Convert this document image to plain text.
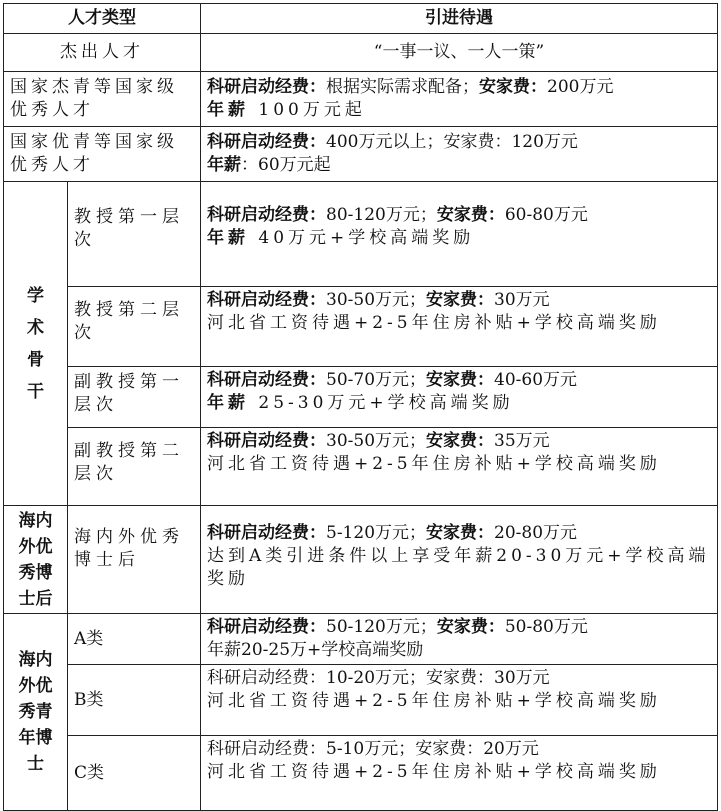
人才类型		引进待遇
杰出人才		“一事一议、一人一策”
国家杰青等国家级优秀人才		科研启动经费：根据实际需求配备；安家费：200万元
年薪 100万元起
国家优青等国家级优秀人才		科研启动经费：400万元以上；安家费：120万元
年薪：60万元起
学术骨干	教授第一层次	科研启动经费：80-120万元；安家费：60-80万元
年薪 40万元+学校高端奖励
	教授第二层次	科研启动经费：30-50万元；安家费：30万元
河北省工资待遇+2-5年住房补贴+学校高端奖励
	副教授第一层次	科研启动经费：50-70万元；安家费：40-60万元
年薪 25-30万元+学校高端奖励
	副教授第二层次	科研启动经费：30-50万元；安家费：35万元
河北省工资待遇+2-5年住房补贴+学校高端奖励
海内外优秀博士后	海内外优秀博士后	科研启动经费：5-120万元；安家费：20-80万元
达到A类引进条件以上享受年薪20-30万元+学校高端奖励
海内外优秀青年博士	A类	科研启动经费：50-120万元；安家费：50-80万元
年薪20-25万+学校高端奖励
	B类	科研启动经费：10-20万元；安家费：30万元
河北省工资待遇+2-5年住房补贴+学校高端奖励
	C类	科研启动经费：5-10万元；安家费：20万元
河北省工资待遇+2-5年住房补贴+学校高端奖励
